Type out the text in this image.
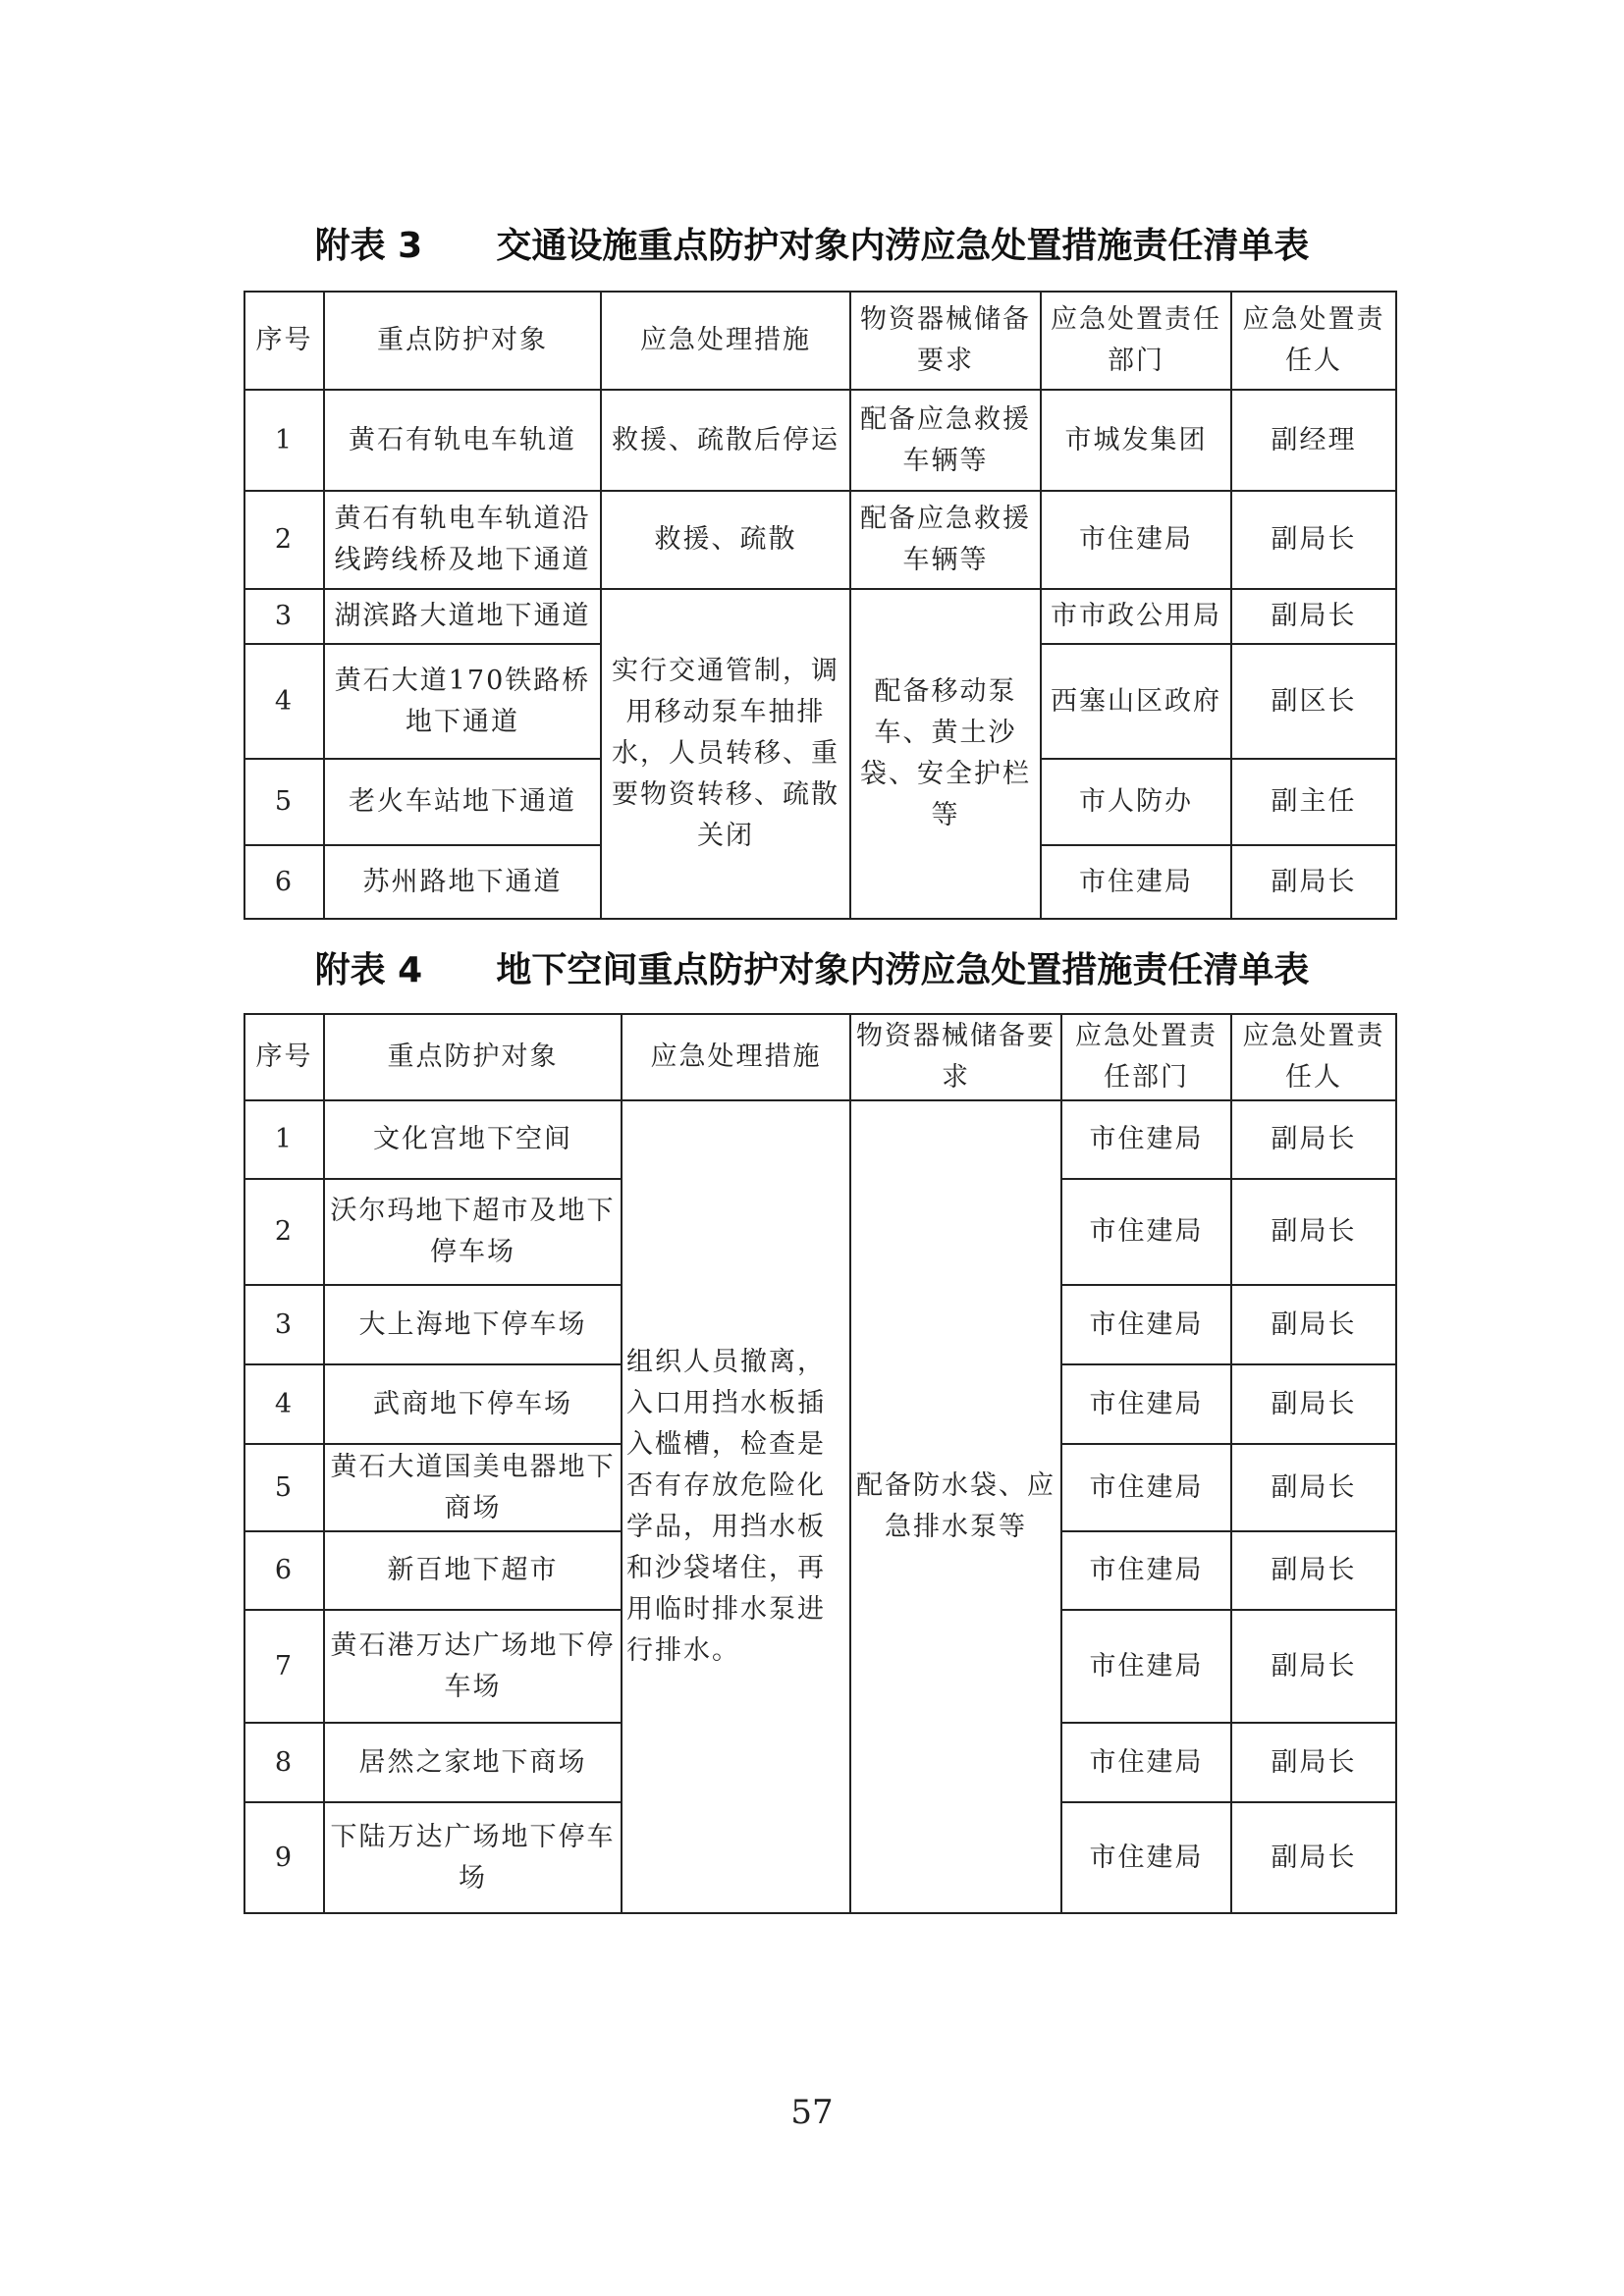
附表 3      交通设施重点防护对象内涝应急处置措施责任清单表
序号	重点防护对象	应急处理措施	物资器械储备要求	应急处置责任部门	应急处置责任人
1	黄石有轨电车轨道	救援、疏散后停运	配备应急救援车辆等	市城发集团	副经理
2	黄石有轨电车轨道沿线跨线桥及地下通道	救援、疏散	配备应急救援车辆等	市住建局	副局长
3	湖滨路大道地下通道	实行交通管制，调用移动泵车抽排水，人员转移、重要物资转移、疏散关闭	配备移动泵车、黄土沙袋、安全护栏等	市市政公用局	副局长
4	黄石大道170铁路桥地下通道			西塞山区政府	副区长
5	老火车站地下通道			市人防办	副主任
6	苏州路地下通道			市住建局	副局长
附表 4      地下空间重点防护对象内涝应急处置措施责任清单表
序号	重点防护对象	应急处理措施	物资器械储备要求	应急处置责任部门	应急处置责任人
1	文化宫地下空间	组织人员撤离，入口用挡水板插入槛槽，检查是否有存放危险化学品，用挡水板和沙袋堵住，再用临时排水泵进行排水。	配备防水袋、应急排水泵等	市住建局	副局长
2	沃尔玛地下超市及地下停车场			市住建局	副局长
3	大上海地下停车场			市住建局	副局长
4	武商地下停车场			市住建局	副局长
5	黄石大道国美电器地下商场			市住建局	副局长
6	新百地下超市			市住建局	副局长
7	黄石港万达广场地下停车场			市住建局	副局长
8	居然之家地下商场			市住建局	副局长
9	下陆万达广场地下停车场			市住建局	副局长
57
